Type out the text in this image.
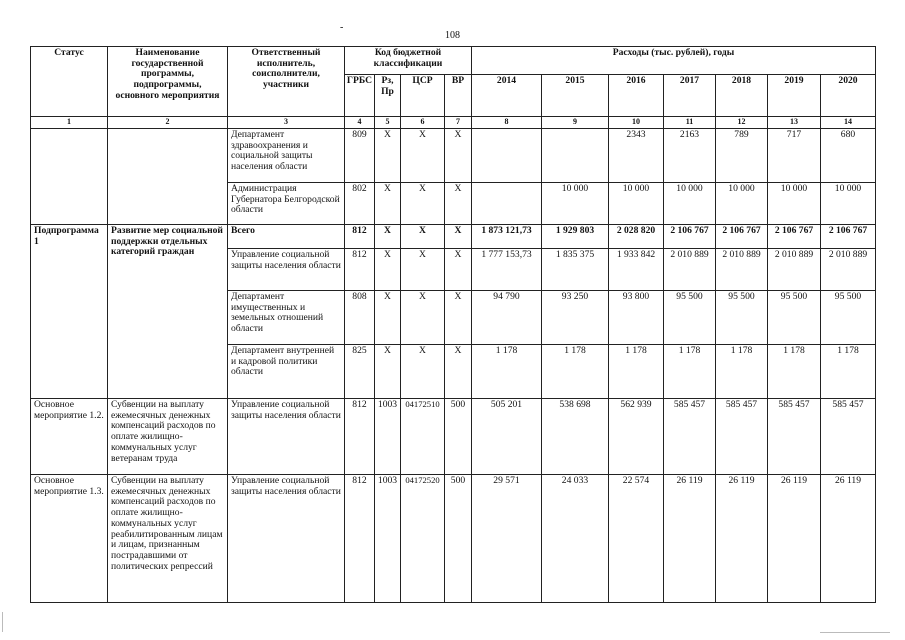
108
-
Статус	Наименование государственной программы, подпрограммы, основного мероприятия	Ответственный исполнитель, соисполнители, участники	Код бюджетной классификации				Расходы (тыс. рублей), годы						
			ГРБС	Рз, Пр	ЦСР	ВР	2014	2015	2016	2017	2018	2019	2020
1	2	3	4	5	6	7	8	9	10	11	12	13	14
		Департамент здравоохранения и социальной защиты населения области	809	Х	Х	Х			2343	2163	789	717	680
		Администрация Губернатора Белгородской области	802	Х	Х	Х		10 000	10 000	10 000	10 000	10 000	10 000
Подпрограмма 1	Развитие мер социальной поддержки отдельных категорий граждан	Всего	812	Х	Х	Х	1 873 121,73	1 929 803	2 028 820	2 106 767	2 106 767	2 106 767	2 106 767
		Управление социальной защиты населения области	812	Х	Х	Х	1 777 153,73	1 835 375	1 933 842	2 010 889	2 010 889	2 010 889	2 010 889
		Департамент имущественных и земельных отношений области	808	Х	Х	Х	94 790	93 250	93 800	95 500	95 500	95 500	95 500
		Департамент внутренней и кадровой политики области	825	Х	Х	Х	1 178	1 178	1 178	1 178	1 178	1 178	1 178
Основное мероприятие 1.2.	Субвенции на выплату ежемесячных денежных компенсаций расходов по оплате жилищно-коммунальных услуг ветеранам труда	Управление социальной защиты населения области	812	1003	04172510	500	505 201	538 698	562 939	585 457	585 457	585 457	585 457
Основное мероприятие 1.3.	Субвенции на выплату ежемесячных денежных компенсаций расходов по оплате жилищно-коммунальных услуг реабилитированным лицам и лицам, признанным пострадавшими от политических репрессий	Управление социальной защиты населения области	812	1003	04172520	500	29 571	24 033	22 574	26 119	26 119	26 119	26 119
